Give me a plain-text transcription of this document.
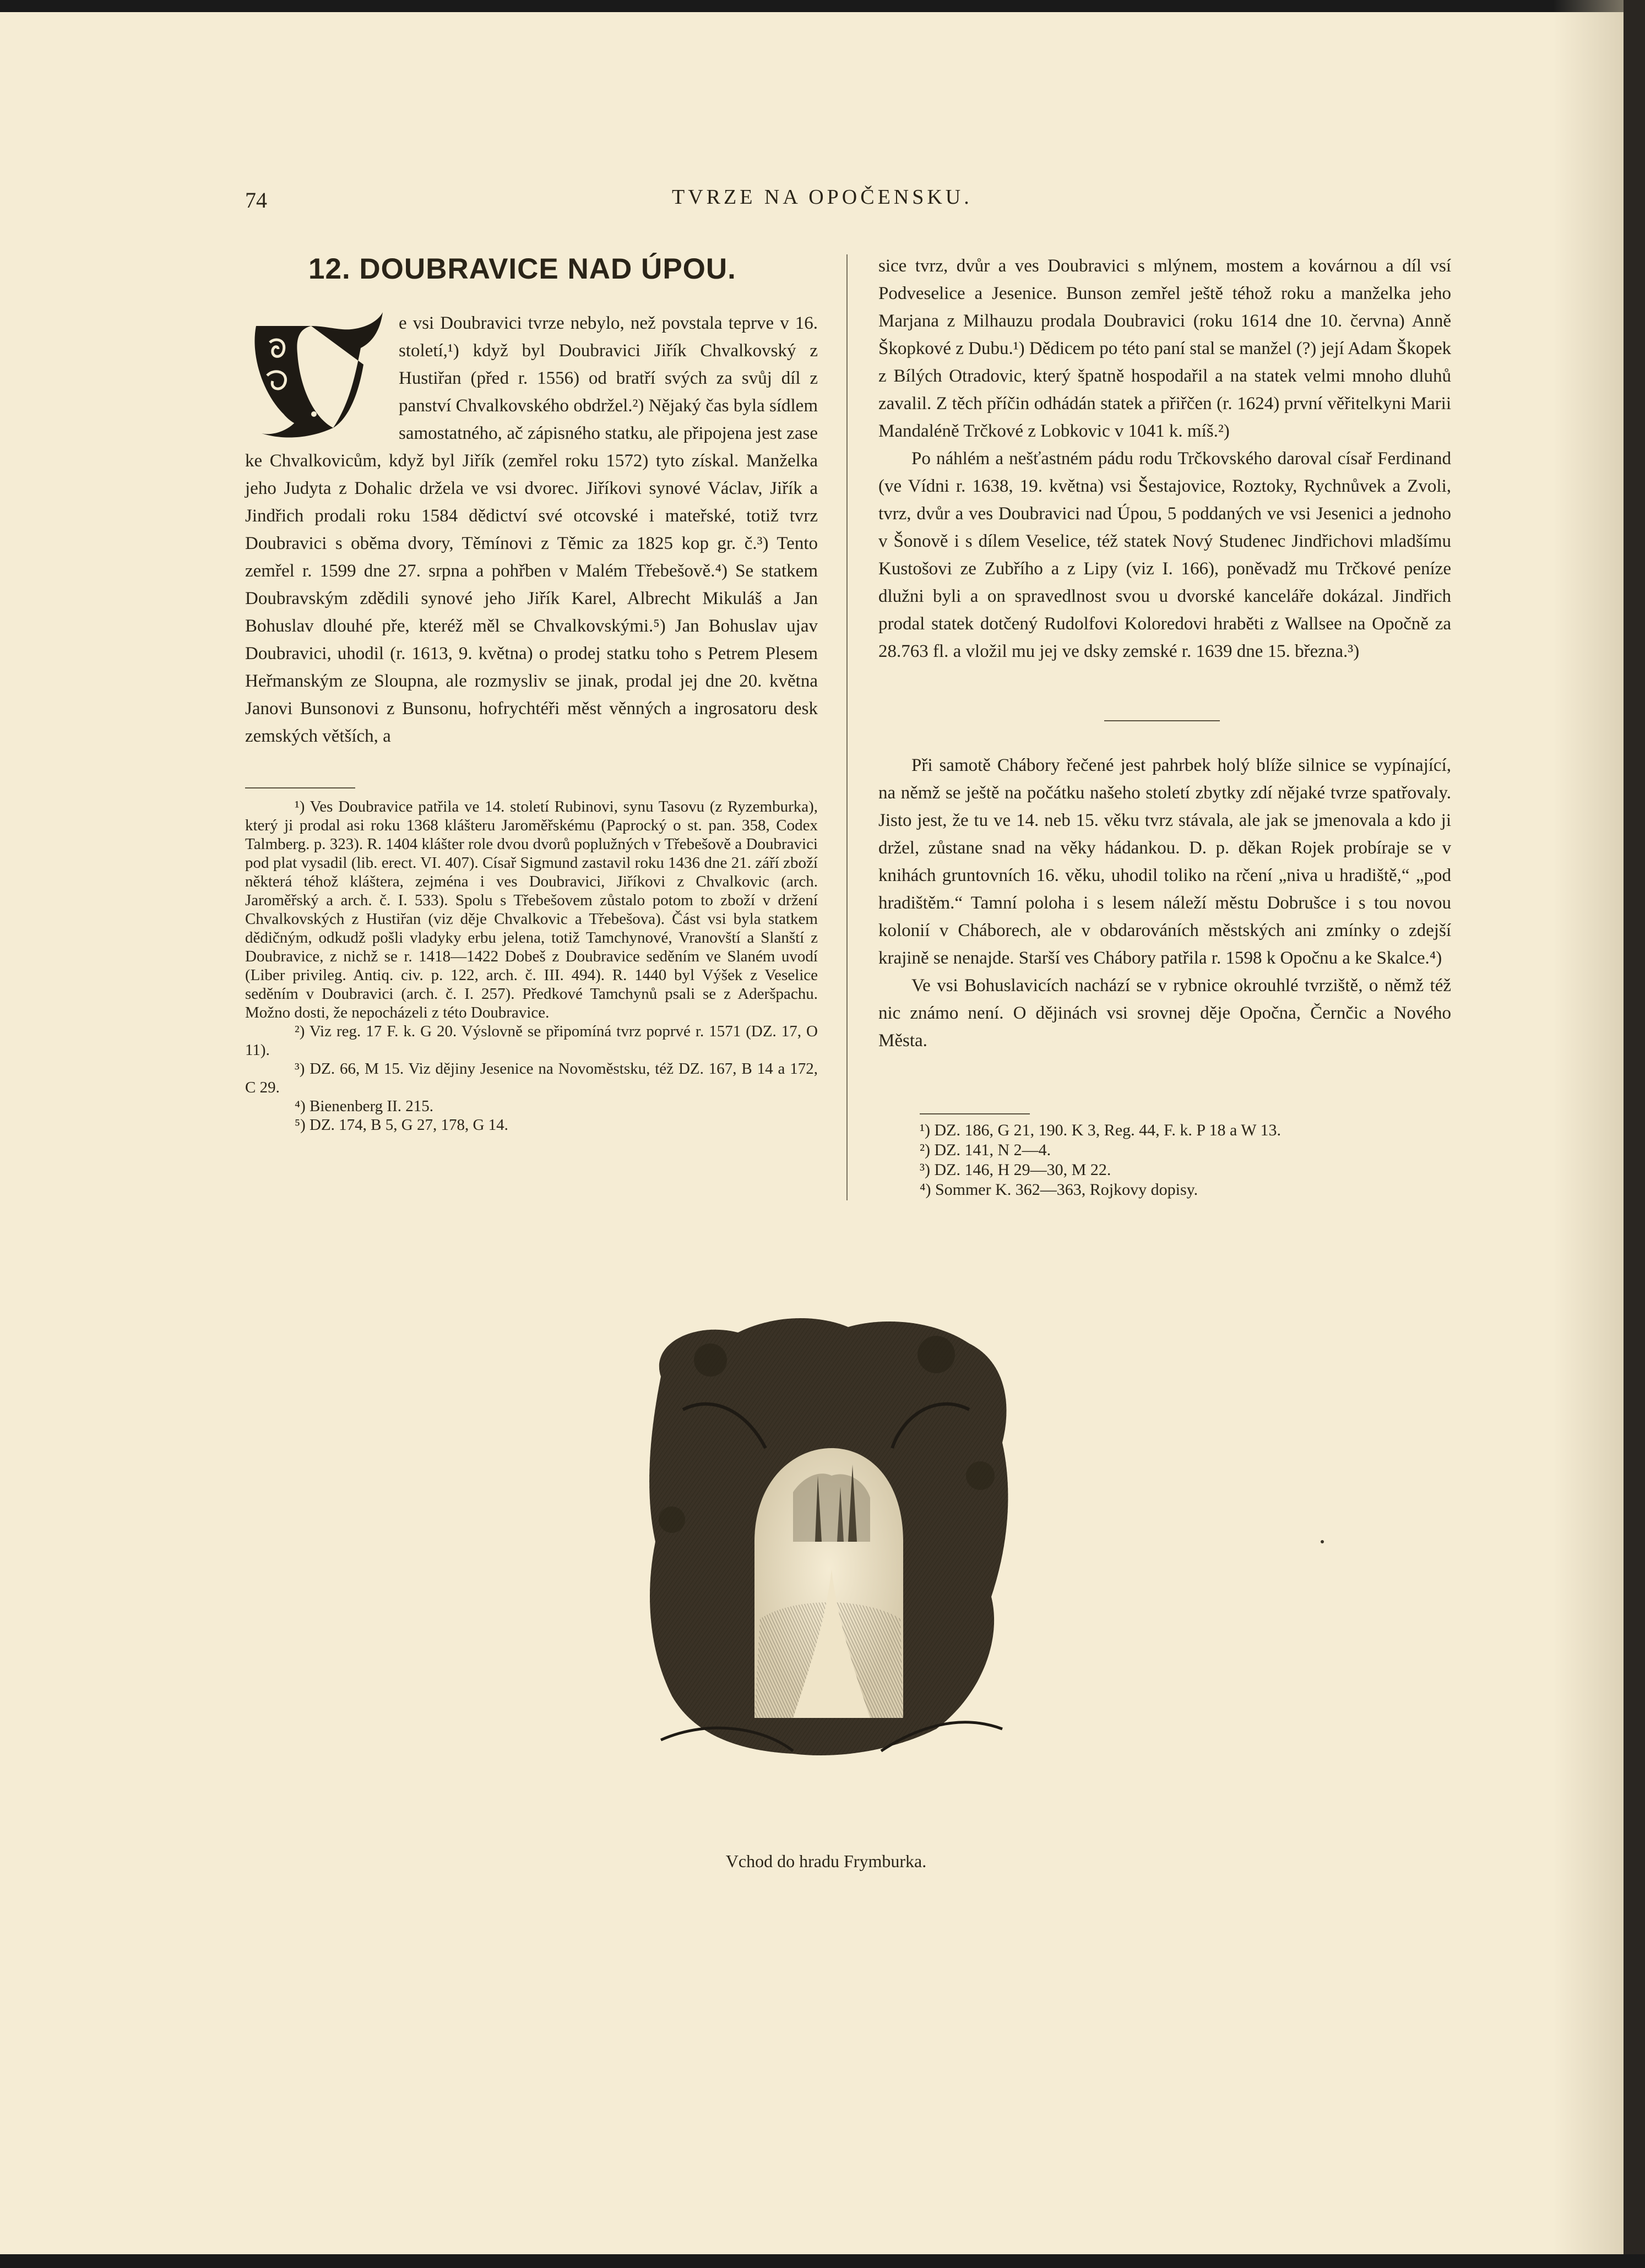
74	TVRZE NA OPOČENSKU.
12. DOUBRAVICE NAD ÚPOU.

e vsi Doubravici tvrze nebylo, než povstala teprve v 16. století,¹) když byl Doubravici Jiřík Chvalkovský z Hustiřan (před r. 1556) od bratří svých za svůj díl z panství Chvalkovského obdržel.²) Nějaký čas byla sídlem samostatného, ač zápisného statku, ale připojena jest zase ke Chvalkovicům, když byl Jiřík (zemřel roku 1572) tyto získal. Manželka jeho Judyta z Dohalic držela ve vsi dvorec. Jiříkovi synové Václav, Jiřík a Jindřich prodali roku 1584 dědictví své otcovské i mateřské, totiž tvrz Doubravici s oběma dvory, Těmínovi z Těmic za 1825 kop gr. č.³) Tento zemřel r. 1599 dne 27. srpna a pohřben v Malém Třebešově.⁴) Se statkem Doubravským zdědili synové jeho Jiřík Karel, Albrecht Mikuláš a Jan Bohuslav dlouhé pře, kteréž měl se Chvalkovskými.⁵) Jan Bohuslav ujav Doubravici, uhodil (r. 1613, 9. května) o prodej statku toho s Petrem Plesem Heřmanským ze Sloupna, ale rozmysliv se jinak, prodal jej dne 20. května Janovi Bunsonovi z Bunsonu, hofrychtéři měst věnných a ingrosatoru desk zemských větších, a

sice tvrz, dvůr a ves Doubravici s mlýnem, mostem a kovárnou a díl vsí Podveselice a Jesenice. Bunson zemřel ještě téhož roku a manželka jeho Marjana z Milhauzu prodala Doubravici (roku 1614 dne 10. června) Anně Škopkové z Dubu.¹) Dědicem po této paní stal se manžel (?) její Adam Škopek z Bílých Otradovic, který špatně hospodařil a na statek velmi mnoho dluhů zavalil. Z těch příčin odhádán statek a přiřčen (r. 1624) první věřitelkyni Marii Mandaléně Trčkové z Lobkovic v 1041 k. míš.²)

Po náhlém a nešťastném pádu rodu Trčkovského daroval císař Ferdinand (ve Vídni r. 1638, 19. května) vsi Šestajovice, Roztoky, Rychnůvek a Zvoli, tvrz, dvůr a ves Doubravici nad Úpou, 5 poddaných ve vsi Jesenici a jednoho v Šonově i s dílem Veselice, též statek Nový Studenec Jindřichovi mladšímu Kustošovi ze Zubřího a z Lipy (viz I. 166), poněvadž mu Trčkové peníze dlužni byli a on spravedlnost svou u dvorské kanceláře dokázal. Jindřich prodal statek dotčený Rudolfovi Koloredovi hraběti z Wallsee na Opočně za 28.763 fl. a vložil mu jej ve dsky zemské r. 1639 dne 15. března.³)

Při samotě Chábory řečené jest pahrbek holý blíže silnice se vypínající, na němž se ještě na počátku našeho století zbytky zdí nějaké tvrze spatřovaly. Jisto jest, že tu ve 14. neb 15. věku tvrz stávala, ale jak se jmenovala a kdo ji držel, zůstane snad na věky hádankou. D. p. děkan Rojek probíraje se v knihách gruntovních 16. věku, uhodil toliko na rčení „niva u hradiště,“ „pod hradištěm.“ Tamní poloha i s lesem náleží městu Dobrušce i s tou novou kolonií v Cháborech, ale v obdarováních městských ani zmínky o zdejší krajině se nenajde. Starší ves Chábory patřila r. 1598 k Opočnu a ke Skalce.⁴)

Ve vsi Bohuslavicích nachází se v rybnice okrouhlé tvrziště, o němž též nic známo není. O dějinách vsi srovnej děje Opočna, Černčic a Nového Města.

¹) Ves Doubravice patřila ve 14. století Rubinovi, synu Tasovu (z Ryzemburka), který ji prodal asi roku 1368 klášteru Jaroměřskému (Paprocký o st. pan. 358, Codex Talmberg. p. 323). R. 1404 klášter role dvou dvorů poplužných v Třebešově a Doubravici pod plat vysadil (lib. erect. VI. 407). Císař Sigmund zastavil roku 1436 dne 21. září zboží některá téhož kláštera, zejména i ves Doubravici, Jiříkovi z Chvalkovic (arch. Jaroměřský a arch. č. I. 533). Spolu s Třebešovem zůstalo potom to zboží v držení Chvalkovských z Hustiřan (viz děje Chvalkovic a Třebešova). Část vsi byla statkem dědičným, odkudž pošli vladyky erbu jelena, totiž Tamchynové, Vranovští a Slanští z Doubravice, z nichž se r. 1418—1422 Dobeš z Doubravice seděním ve Slaném uvodí (Liber privileg. Antiq. civ. p. 122, arch. č. III. 494). R. 1440 byl Výšek z Veselice seděním v Doubravici (arch. č. I. 257). Předkové Tamchynů psali se z Aderšpachu. Možno dosti, že nepocházeli z této Doubravice.

²) Viz reg. 17 F. k. G 20. Výslovně se připomíná tvrz poprvé r. 1571 (DZ. 17, O 11).

³) DZ. 66, M 15. Viz dějiny Jesenice na Novoměstsku, též DZ. 167, B 14 a 172, C 29.

⁴) Bienenberg II. 215.

⁵) DZ. 174, B 5, G 27, 178, G 14.	¹) DZ. 186, G 21, 190. K 3, Reg. 44, F. k. P 18 a W 13.

²) DZ. 141, N 2—4.

³) DZ. 146, H 29—30, M 22.

⁴) Sommer K. 362—363, Rojkovy dopisy.

Vchod do hradu Frymburka.
